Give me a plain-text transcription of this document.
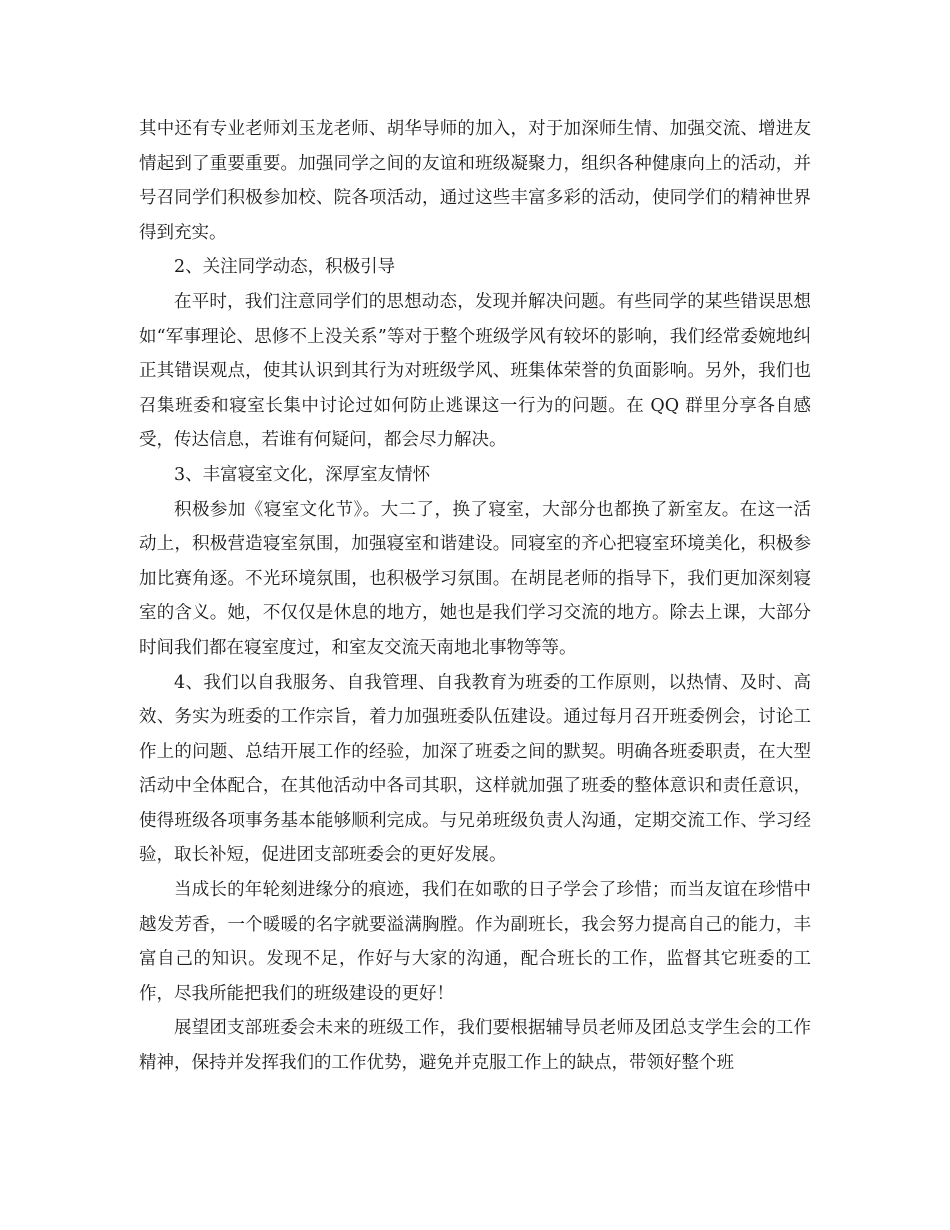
其中还有专业老师刘玉龙老师、胡华导师的加入，对于加深师生情、加强交流、增进友情起到了重要重要。加强同学之间的友谊和班级凝聚力，组织各种健康向上的活动，并号召同学们积极参加校、院各项活动，通过这些丰富多彩的活动，使同学们的精神世界得到充实。

2、关注同学动态，积极引导

在平时，我们注意同学们的思想动态，发现并解决问题。有些同学的某些错误思想如“军事理论、思修不上没关系”等对于整个班级学风有较坏的影响，我们经常委婉地纠正其错误观点，使其认识到其行为对班级学风、班集体荣誉的负面影响。另外，我们也召集班委和寝室长集中讨论过如何防止逃课这一行为的问题。在 QQ 群里分享各自感受，传达信息，若谁有何疑问，都会尽力解决。

3、丰富寝室文化，深厚室友情怀

积极参加《寝室文化节》。大二了，换了寝室，大部分也都换了新室友。在这一活动上，积极营造寝室氛围，加强寝室和谐建设。同寝室的齐心把寝室环境美化，积极参加比赛角逐。不光环境氛围，也积极学习氛围。在胡昆老师的指导下，我们更加深刻寝室的含义。她，不仅仅是休息的地方，她也是我们学习交流的地方。除去上课，大部分时间我们都在寝室度过，和室友交流天南地北事物等等。

4、我们以自我服务、自我管理、自我教育为班委的工作原则，以热情、及时、高效、务实为班委的工作宗旨，着力加强班委队伍建设。通过每月召开班委例会，讨论工作上的问题、总结开展工作的经验，加深了班委之间的默契。明确各班委职责，在大型活动中全体配合，在其他活动中各司其职，这样就加强了班委的整体意识和责任意识，使得班级各项事务基本能够顺利完成。与兄弟班级负责人沟通，定期交流工作、学习经验，取长补短，促进团支部班委会的更好发展。

当成长的年轮刻进缘分的痕迹，我们在如歌的日子学会了珍惜；而当友谊在珍惜中越发芳香，一个暖暖的名字就要溢满胸膛。作为副班长，我会努力提高自己的能力，丰富自己的知识。发现不足，作好与大家的沟通，配合班长的工作，监督其它班委的工作，尽我所能把我们的班级建设的更好！

展望团支部班委会未来的班级工作，我们要根据辅导员老师及团总支学生会的工作精神，保持并发挥我们的工作优势，避免并克服工作上的缺点，带领好整个班
